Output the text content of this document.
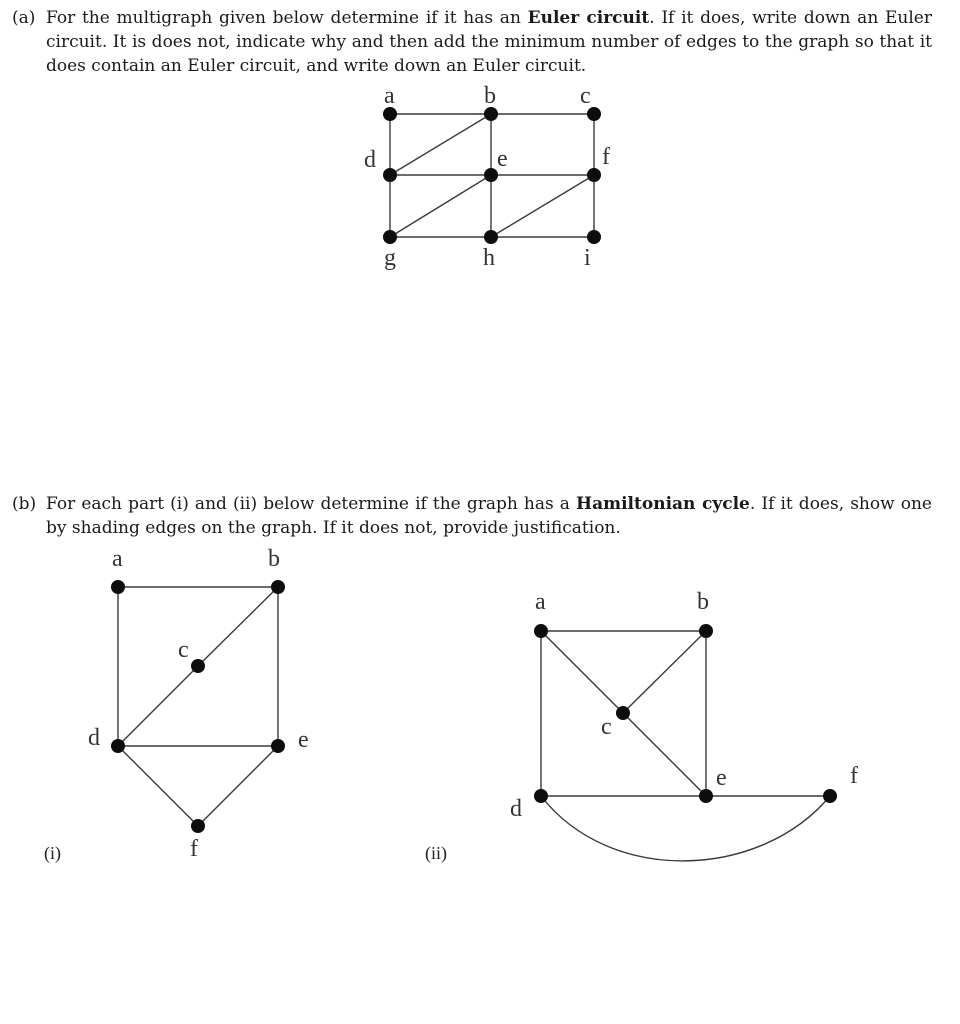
(a) For the multigraph given below determine if it has an Euler circuit. If it does, write down an Euler circuit. It is does not, indicate why and then add the minimum number of edges to the graph so that it does contain an Euler circuit, and write down an Euler circuit.
(b) For each part (i) and (ii) below determine if the graph has a Hamiltonian cycle. If it does, show one by shading edges on the graph. If it does not, provide justification.
a	b	c
d	e	f
g	h	i
a	b
c
d	e
f
(i)
a	b
c
d
e	f
(ii)
